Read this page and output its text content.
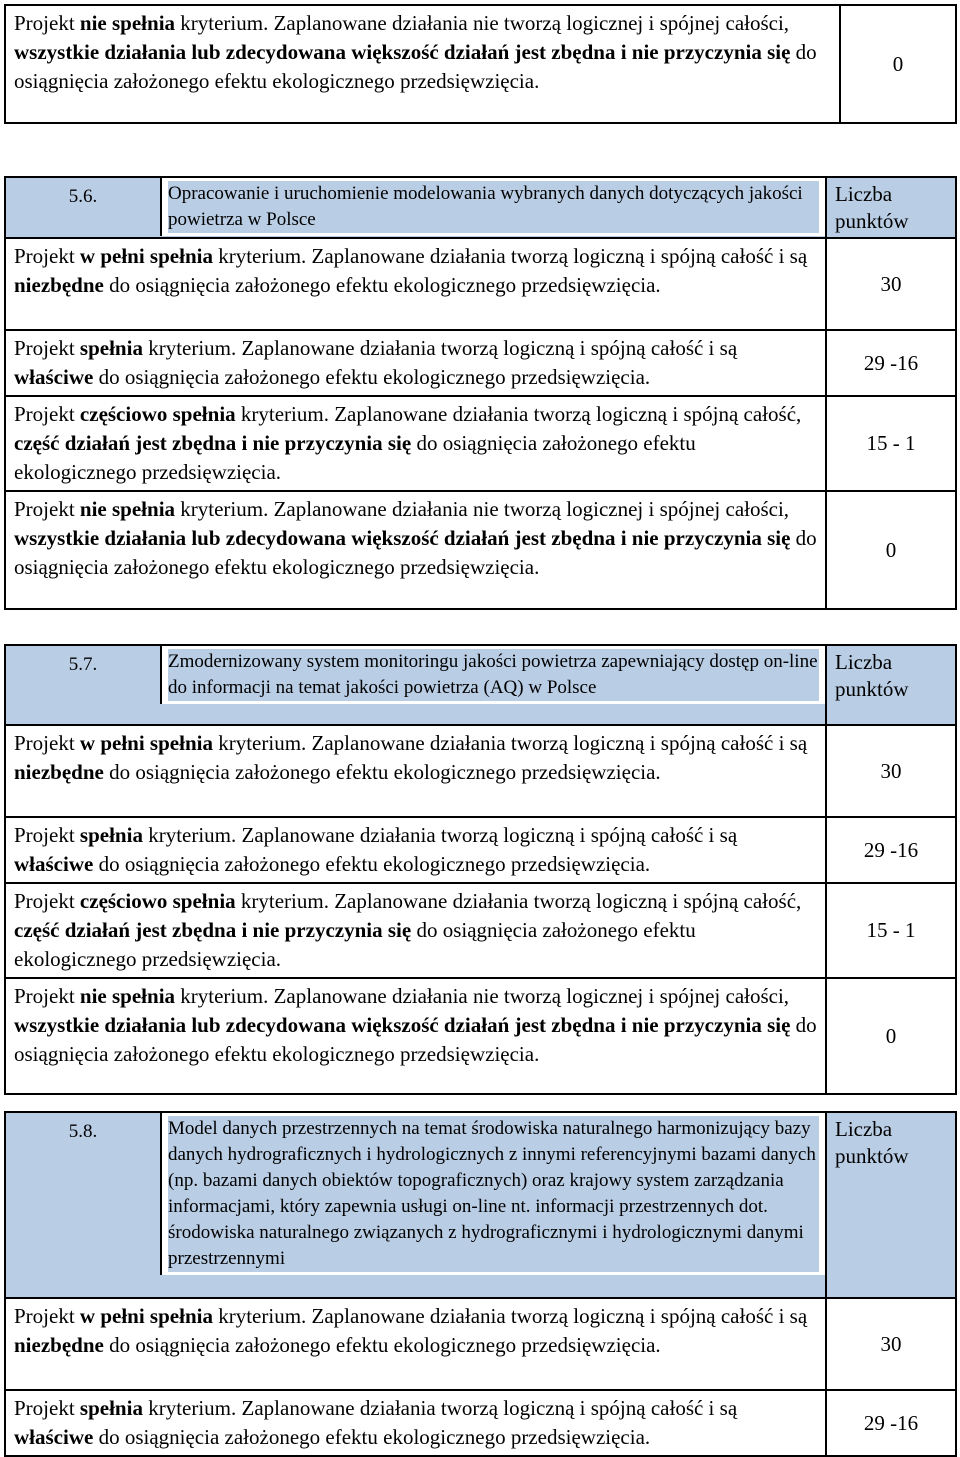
Projekt nie spełnia kryterium. Zaplanowane działania nie tworzą logicznej i spójnej całości, wszystkie działania lub zdecydowana większość działań jest zbędna i nie przyczynia się do osiągnięcia założonego efektu ekologicznego przedsięwzięcia.	0
5.6. Opracowanie i uruchomienie modelowania wybranych danych dotyczących jakości powietrza w Polsce	Liczba punktów
Projekt w pełni spełnia kryterium. Zaplanowane działania tworzą logiczną i spójną całość i są niezbędne do osiągnięcia założonego efektu ekologicznego przedsięwzięcia.	30
Projekt spełnia kryterium. Zaplanowane działania tworzą logiczną i spójną całość i są właściwe do osiągnięcia założonego efektu ekologicznego przedsięwzięcia.	29 -16
Projekt częściowo spełnia kryterium. Zaplanowane działania tworzą logiczną i spójną całość, część działań jest zbędna i nie przyczynia się do osiągnięcia założonego efektu ekologicznego przedsięwzięcia.	15 - 1
Projekt nie spełnia kryterium. Zaplanowane działania nie tworzą logicznej i spójnej całości, wszystkie działania lub zdecydowana większość działań jest zbędna i nie przyczynia się do osiągnięcia założonego efektu ekologicznego przedsięwzięcia.	0
5.7. Zmodernizowany system monitoringu jakości powietrza zapewniający dostęp on-line do informacji na temat jakości powietrza (AQ) w Polsce	Liczba punktów
Projekt w pełni spełnia kryterium. Zaplanowane działania tworzą logiczną i spójną całość i są niezbędne do osiągnięcia założonego efektu ekologicznego przedsięwzięcia.	30
Projekt spełnia kryterium. Zaplanowane działania tworzą logiczną i spójną całość i są właściwe do osiągnięcia założonego efektu ekologicznego przedsięwzięcia.	29 -16
Projekt częściowo spełnia kryterium. Zaplanowane działania tworzą logiczną i spójną całość, część działań jest zbędna i nie przyczynia się do osiągnięcia założonego efektu ekologicznego przedsięwzięcia.	15 - 1
Projekt nie spełnia kryterium. Zaplanowane działania nie tworzą logicznej i spójnej całości, wszystkie działania lub zdecydowana większość działań jest zbędna i nie przyczynia się do osiągnięcia założonego efektu ekologicznego przedsięwzięcia.	0
5.8. Model danych przestrzennych na temat środowiska naturalnego harmonizujący bazy danych hydrograficznych i hydrologicznych z innymi referencyjnymi bazami danych (np. bazami danych obiektów topograficznych) oraz krajowy system zarządzania informacjami, który zapewnia usługi on-line nt. informacji przestrzennych dot. środowiska naturalnego związanych z hydrograficznymi i hydrologicznymi danymi przestrzennymi	Liczba punktów
Projekt w pełni spełnia kryterium. Zaplanowane działania tworzą logiczną i spójną całość i są niezbędne do osiągnięcia założonego efektu ekologicznego przedsięwzięcia.	30
Projekt spełnia kryterium. Zaplanowane działania tworzą logiczną i spójną całość i są właściwe do osiągnięcia założonego efektu ekologicznego przedsięwzięcia.	29 -16
